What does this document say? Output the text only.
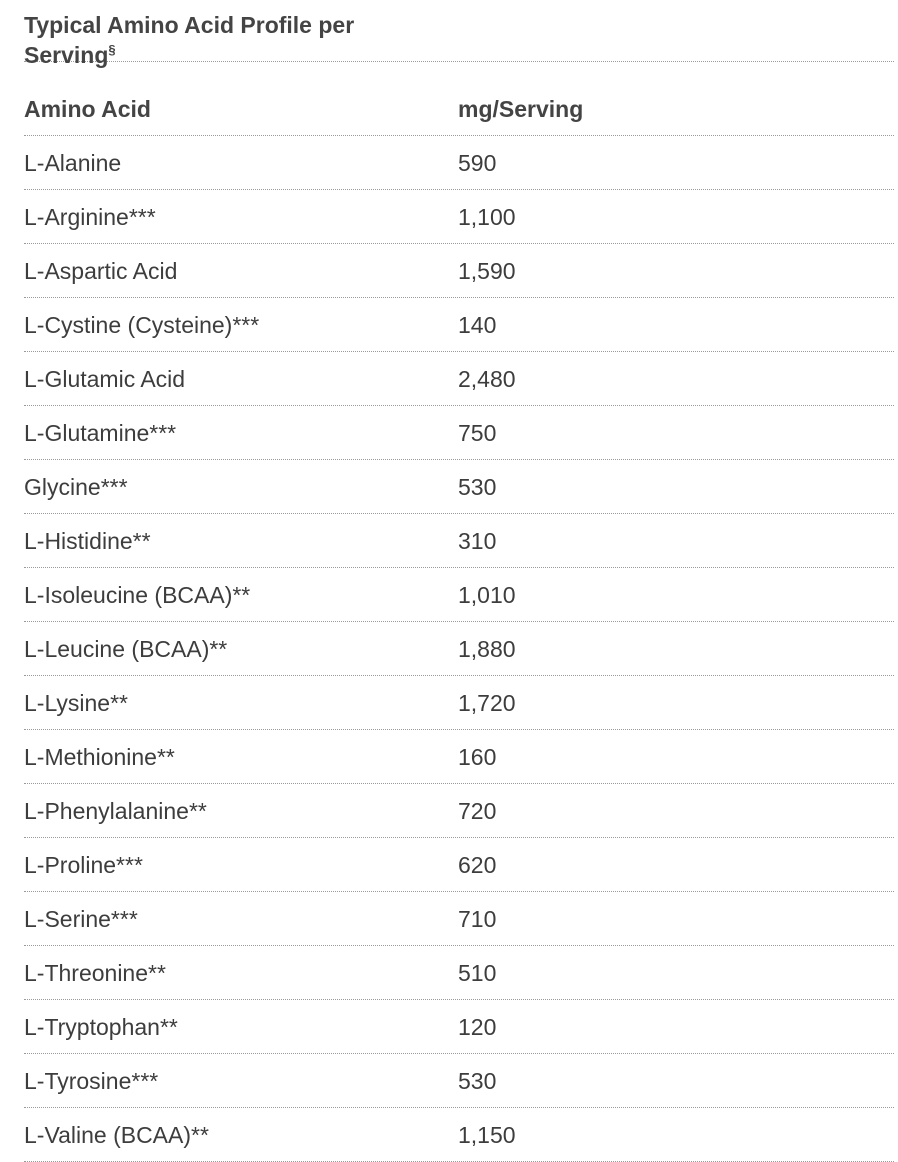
Typical Amino Acid Profile per Serving§
Amino Acid	mg/Serving
L-Alanine	590
L-Arginine***	1,100
L-Aspartic Acid	1,590
L-Cystine (Cysteine)***	140
L-Glutamic Acid	2,480
L-Glutamine***	750
Glycine***	530
L-Histidine**	310
L-Isoleucine (BCAA)**	1,010
L-Leucine (BCAA)**	1,880
L-Lysine**	1,720
L-Methionine**	160
L-Phenylalanine**	720
L-Proline***	620
L-Serine***	710
L-Threonine**	510
L-Tryptophan**	120
L-Tyrosine***	530
L-Valine (BCAA)**	1,150
